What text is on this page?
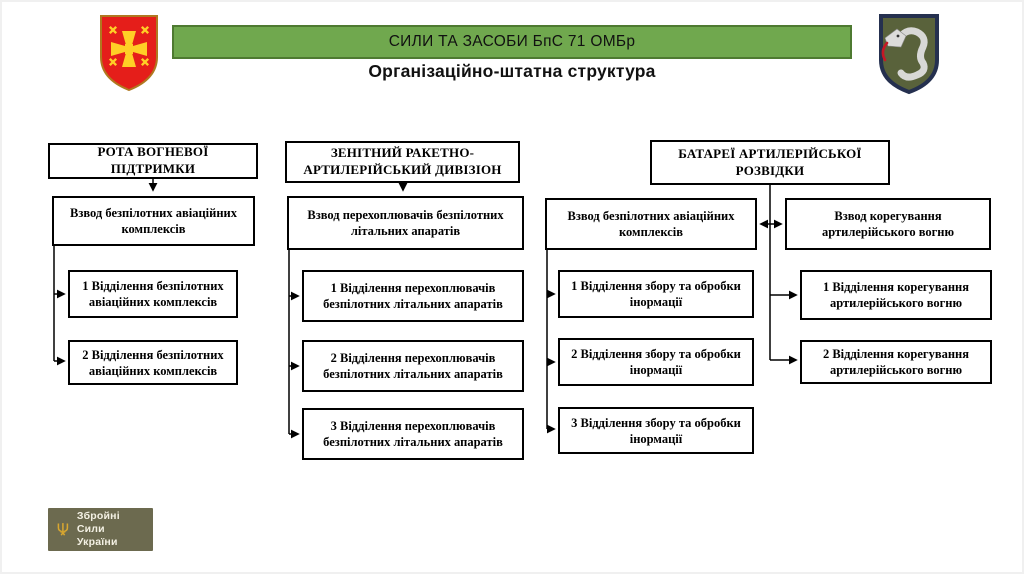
СИЛИ ТА ЗАСОБИ БпС 71 ОМБр
Організаційно-штатна структура
РОТА ВОГНЕВОЇ ПІДТРИМКИ
Взвод безпілотних авіаційних комплексів
1 Відділення безпілотних авіаційних комплексів
2 Відділення безпілотних авіаційних комплексів
ЗЕНІТНИЙ РАКЕТНО-АРТИЛЕРІЙСЬКИЙ ДИВІЗІОН
Взвод перехоплювачів безпілотних літальних апаратів
1 Відділення перехоплювачів безпілотних літальних апаратів
2 Відділення перехоплювачів безпілотних літальних апаратів
3 Відділення перехоплювачів безпілотних літальних апаратів
БАТАРЕЇ АРТИЛЕРІЙСЬКОЇ РОЗВІДКИ
Взвод безпілотних авіаційних комплексів
Взвод корегування артилерійського вогню
1 Відділення збору та обробки інормації
2 Відділення збору та обробки інормації
3 Відділення збору та обробки інормації
1 Відділення корегування артилерійського вогню
2 Відділення корегування артилерійського вогню
Збройні Сили
України
